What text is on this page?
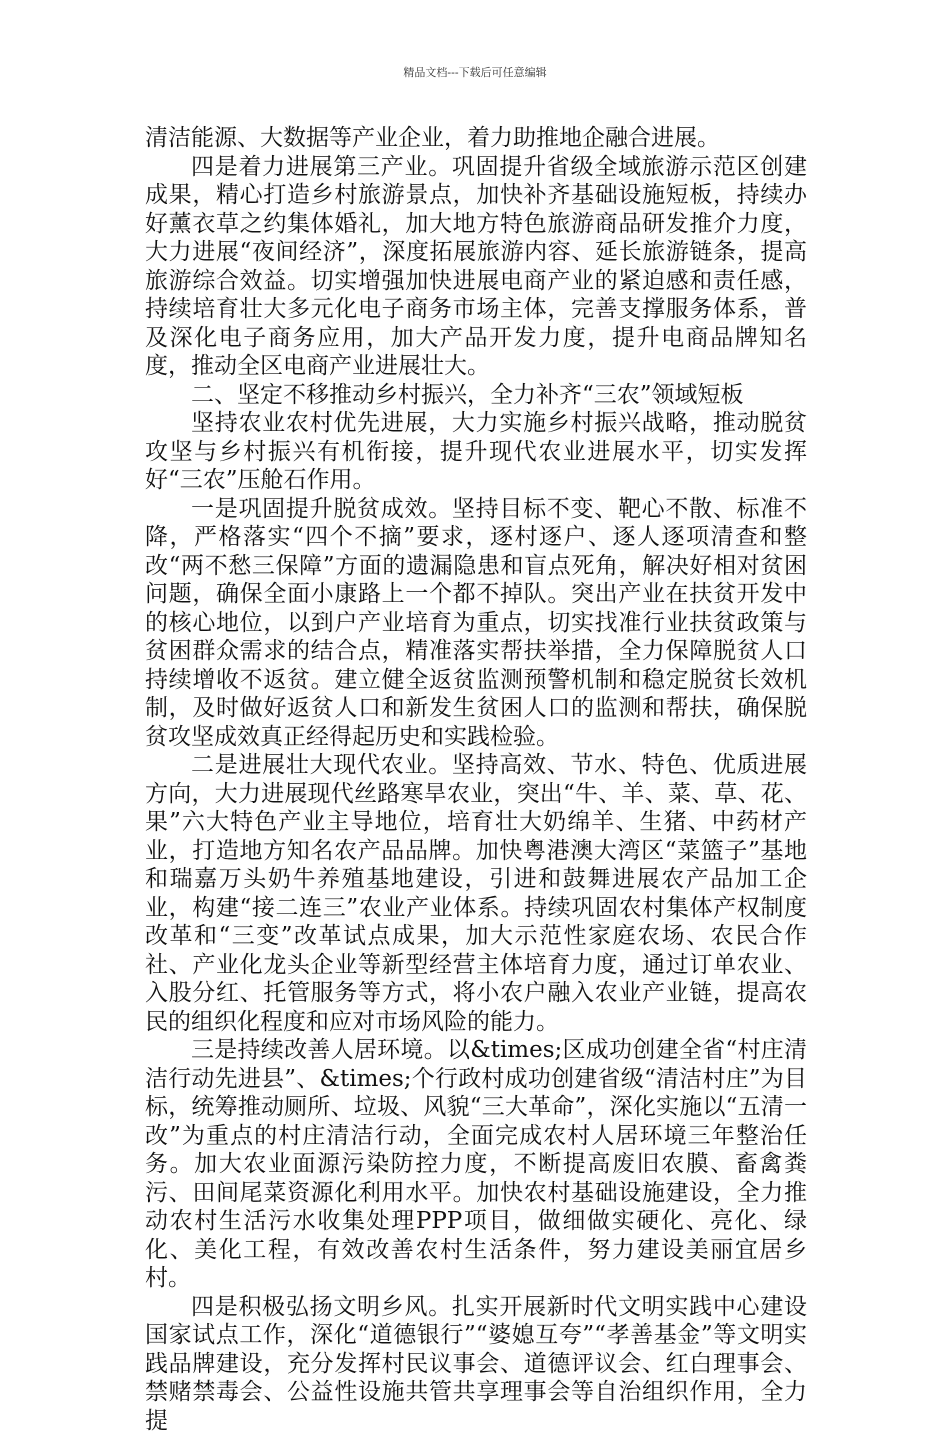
精品文档---下载后可任意编辑

清洁能源、大数据等产业企业，着力助推地企融合进展。

四是着力进展第三产业。巩固提升省级全域旅游示范区创建成果，精心打造乡村旅游景点，加快补齐基础设施短板，持续办好薰衣草之约集体婚礼，加大地方特色旅游商品研发推介力度，大力进展“夜间经济”，深度拓展旅游内容、延长旅游链条，提高旅游综合效益。切实增强加快进展电商产业的紧迫感和责任感，持续培育壮大多元化电子商务市场主体，完善支撑服务体系，普及深化电子商务应用，加大产品开发力度，提升电商品牌知名度，推动全区电商产业进展壮大。

二、坚定不移推动乡村振兴，全力补齐“三农”领域短板

坚持农业农村优先进展，大力实施乡村振兴战略，推动脱贫攻坚与乡村振兴有机衔接，提升现代农业进展水平，切实发挥好“三农”压舱石作用。

一是巩固提升脱贫成效。坚持目标不变、靶心不散、标准不降，严格落实“四个不摘”要求，逐村逐户、逐人逐项清查和整改“两不愁三保障”方面的遗漏隐患和盲点死角，解决好相对贫困问题，确保全面小康路上一个都不掉队。突出产业在扶贫开发中的核心地位，以到户产业培育为重点，切实找准行业扶贫政策与贫困群众需求的结合点，精准落实帮扶举措，全力保障脱贫人口持续增收不返贫。建立健全返贫监测预警机制和稳定脱贫长效机制，及时做好返贫人口和新发生贫困人口的监测和帮扶，确保脱贫攻坚成效真正经得起历史和实践检验。

二是进展壮大现代农业。坚持高效、节水、特色、优质进展方向，大力进展现代丝路寒旱农业，突出“牛、羊、菜、草、花、果”六大特色产业主导地位，培育壮大奶绵羊、生猪、中药材产业，打造地方知名农产品品牌。加快粤港澳大湾区“菜篮子”基地和瑞嘉万头奶牛养殖基地建设，引进和鼓舞进展农产品加工企业，构建“接二连三”农业产业体系。持续巩固农村集体产权制度改革和“三变”改革试点成果，加大示范性家庭农场、农民合作社、产业化龙头企业等新型经营主体培育力度，通过订单农业、入股分红、托管服务等方式，将小农户融入农业产业链，提高农民的组织化程度和应对市场风险的能力。

三是持续改善人居环境。以&times;区成功创建全省“村庄清洁行动先进县”、&times;个行政村成功创建省级“清洁村庄”为目标，统筹推动厕所、垃圾、风貌“三大革命”，深化实施以“五清一改”为重点的村庄清洁行动，全面完成农村人居环境三年整治任务。加大农业面源污染防控力度，不断提高废旧农膜、畜禽粪污、田间尾菜资源化利用水平。加快农村基础设施建设，全力推动农村生活污水收集处理PPP项目，做细做实硬化、亮化、绿化、美化工程，有效改善农村生活条件，努力建设美丽宜居乡村。

四是积极弘扬文明乡风。扎实开展新时代文明实践中心建设国家试点工作，深化“道德银行”“婆媳互夸”“孝善基金”等文明实践品牌建设，充分发挥村民议事会、道德评议会、红白理事会、禁赌禁毒会、公益性设施共管共享理事会等自治组织作用，全力提
